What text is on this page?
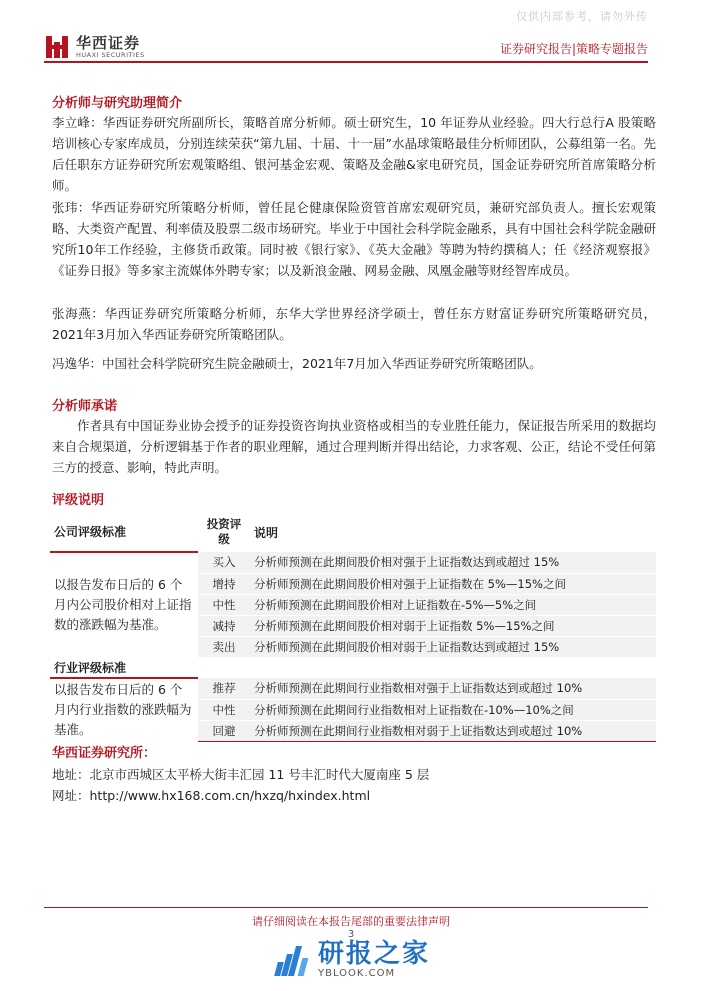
仅供内部参考，请勿外传
华西证券
HUAXI SECURITIES	证券研究报告|策略专题报告
分析师与研究助理简介
李立峰：华西证券研究所副所长，策略首席分析师。硕士研究生，10 年证券从业经验。四大行总行A 股策略培训核心专家库成员，分别连续荣获“第九届、十届、十一届”水晶球策略最佳分析师团队，公募组第一名。先后任职东方证券研究所宏观策略组、银河基金宏观、策略及金融&家电研究员，国金证券研究所首席策略分析师。
张玮：华西证券研究所策略分析师，曾任昆仑健康保险资管首席宏观研究员，兼研究部负责人。擅长宏观策略、大类资产配置、利率债及股票二级市场研究。毕业于中国社会科学院金融系，具有中国社会科学院金融研究所10年工作经验，主修货币政策。同时被《银行家》、《英大金融》等聘为特约撰稿人；任《经济观察报》《证券日报》等多家主流媒体外聘专家；以及新浪金融、网易金融、凤凰金融等财经智库成员。
张海燕：华西证券研究所策略分析师，东华大学世界经济学硕士，曾任东方财富证券研究所策略研究员，2021年3月加入华西证券研究所策略团队。
冯逸华：中国社会科学院研究生院金融硕士，2021年7月加入华西证券研究所策略团队。
分析师承诺
作者具有中国证券业协会授予的证券投资咨询执业资格或相当的专业胜任能力，保证报告所采用的数据均来自合规渠道，分析逻辑基于作者的职业理解，通过合理判断并得出结论，力求客观、公正，结论不受任何第三方的授意、影响，特此声明。
评级说明
公司评级标准	投资评级	说明
以报告发布日后的 6 个月内公司股价相对上证指数的涨跌幅为基准。	买入	分析师预测在此期间股价相对强于上证指数达到或超过 15%
	增持	分析师预测在此期间股价相对强于上证指数在 5%—15%之间
	中性	分析师预测在此期间股价相对上证指数在-5%—5%之间
	减持	分析师预测在此期间股价相对弱于上证指数 5%—15%之间
	卖出	分析师预测在此期间股价相对弱于上证指数达到或超过 15%
行业评级标准		
以报告发布日后的 6 个月内行业指数的涨跌幅为基准。	推荐	分析师预测在此期间行业指数相对强于上证指数达到或超过 10%
	中性	分析师预测在此期间行业指数相对上证指数在-10%—10%之间
	回避	分析师预测在此期间行业指数相对弱于上证指数达到或超过 10%
华西证券研究所：
地址：北京市西城区太平桥大街丰汇园 11 号丰汇时代大厦南座 5 层
网址：http://www.hx168.com.cn/hxzq/hxindex.html
请仔细阅读在本报告尾部的重要法律声明
3
研报之家
YBLOOK.COM
